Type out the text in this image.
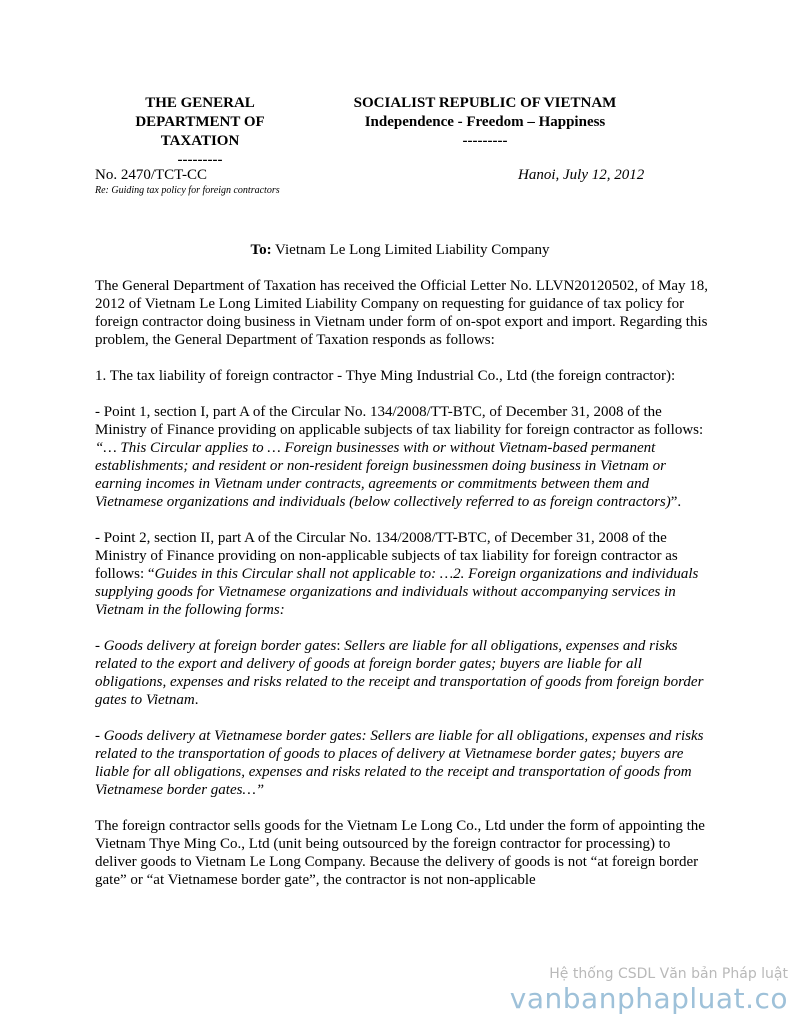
THE GENERAL
DEPARTMENT OF
TAXATION
---------
SOCIALIST REPUBLIC OF VIETNAM
Independence - Freedom – Happiness
---------
No. 2470/TCT-CC
Re: Guiding tax policy for foreign contractors
Hanoi, July 12, 2012
To: Vietnam Le Long Limited Liability Company

The General Department of Taxation has received the Official Letter No. LLVN20120502, of May 18, 2012 of Vietnam Le Long Limited Liability Company on requesting for guidance of tax policy for foreign contractor doing business in Vietnam under form of on-spot export and import. Regarding this problem, the General Department of Taxation responds as follows:

1. The tax liability of foreign contractor - Thye Ming Industrial Co., Ltd (the foreign contractor):

- Point 1, section I, part A of the Circular No. 134/2008/TT-BTC, of December 31, 2008 of the Ministry of Finance providing on applicable subjects of tax liability for foreign contractor as follows: “… This Circular applies to … Foreign businesses with or without Vietnam-based permanent establishments; and resident or non-resident foreign businessmen doing business in Vietnam or earning incomes in Vietnam under contracts, agreements or commitments between them and Vietnamese organizations and individuals (below collectively referred to as foreign contractors)”.

- Point 2, section II, part A of the Circular No. 134/2008/TT-BTC, of December 31, 2008 of the Ministry of Finance providing on non-applicable subjects of tax liability for foreign contractor as follows: “Guides in this Circular shall not applicable to: …2. Foreign organizations and individuals supplying goods for Vietnamese organizations and individuals without accompanying services in Vietnam in the following forms:

- Goods delivery at foreign border gates: Sellers are liable for all obligations, expenses and risks related to the export and delivery of goods at foreign border gates; buyers are liable for all obligations, expenses and risks related to the receipt and transportation of goods from foreign border gates to Vietnam.

- Goods delivery at Vietnamese border gates: Sellers are liable for all obligations, expenses and risks related to the transportation of goods to places of delivery at Vietnamese border gates; buyers are liable for all obligations, expenses and risks related to the receipt and transportation of goods from Vietnamese border gates…”

The foreign contractor sells goods for the Vietnam Le Long Co., Ltd under the form of appointing the Vietnam Thye Ming Co., Ltd (unit being outsourced by the foreign contractor for processing) to deliver goods to Vietnam Le Long Company. Because the delivery of goods is not “at foreign border gate” or “at Vietnamese border gate”, the contractor is not non-applicable

Hệ thống CSDL Văn bản Pháp luật
vanbanphapluat.co
